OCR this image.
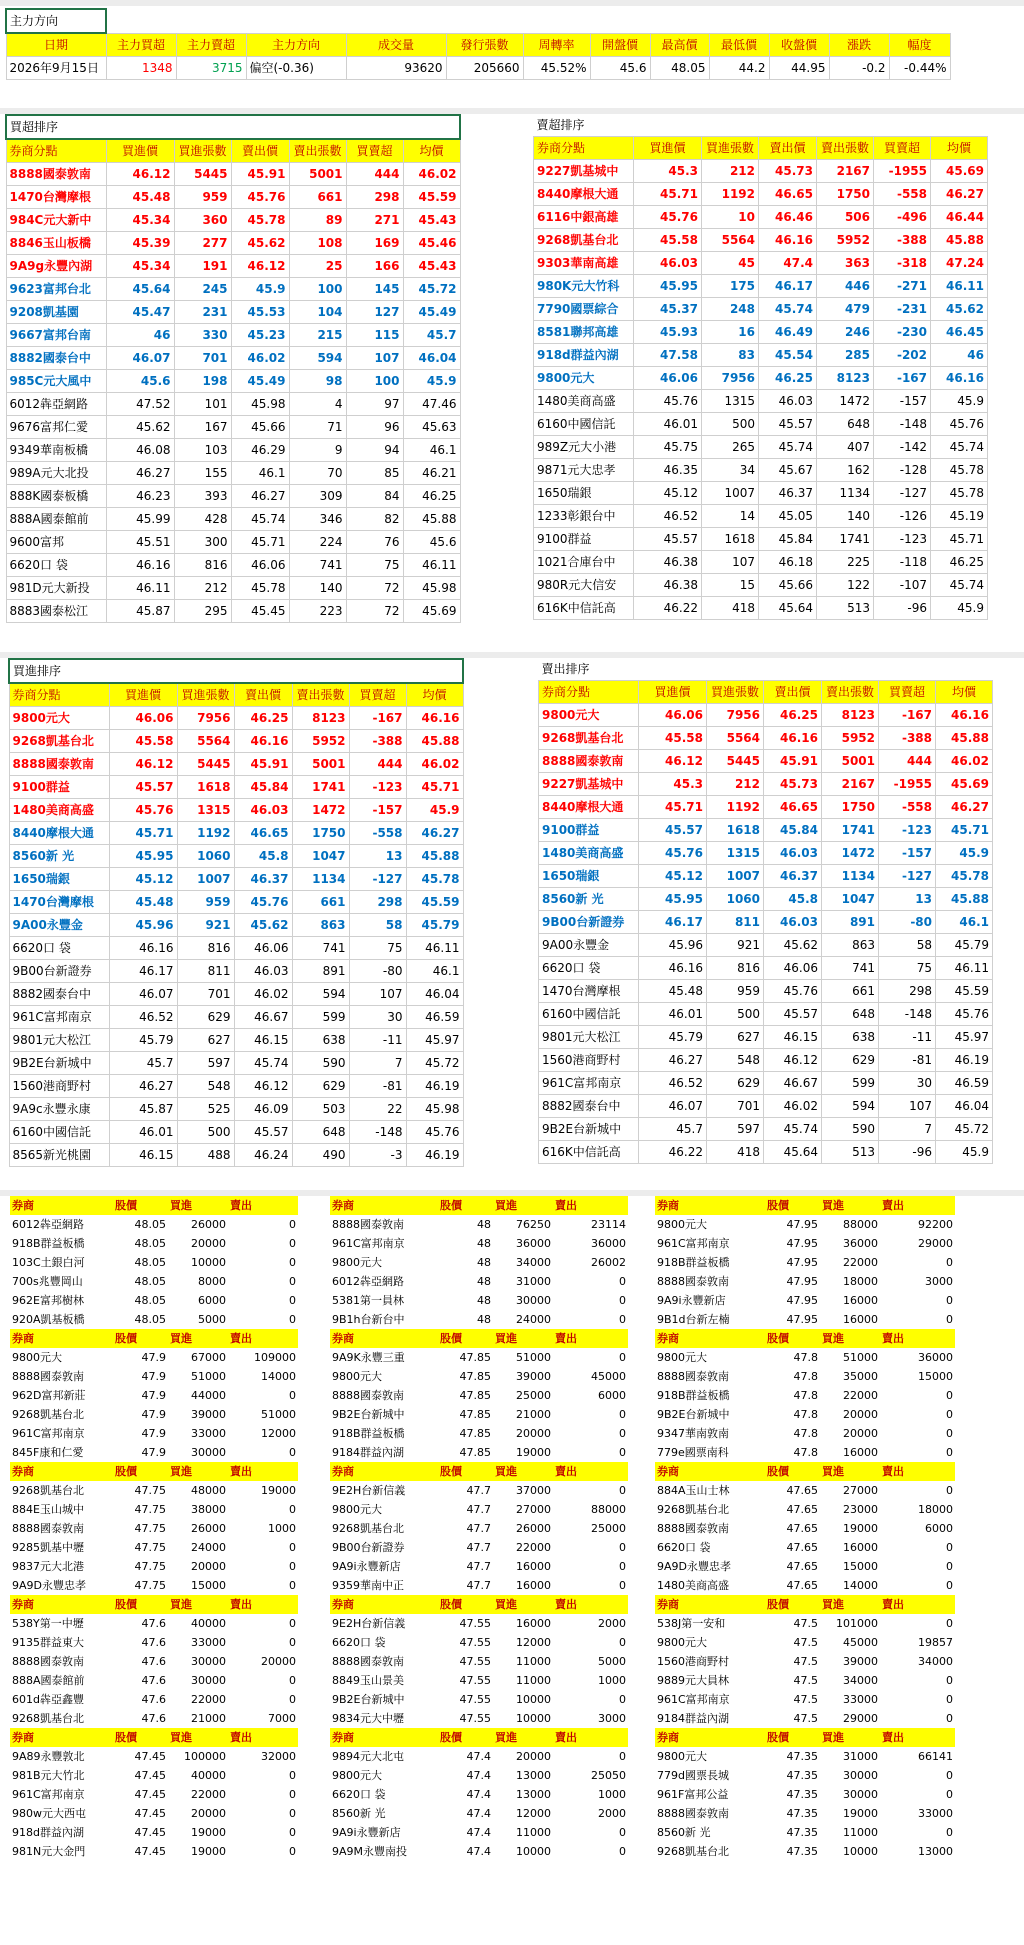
主力方向												
日期	主力買超	主力賣超	主力方向	成交量	發行張數	周轉率	開盤價	最高價	最低價	收盤價	漲跌	幅度
2026年9月15日	1348	3715	偏空(-0.36)	93620	205660	45.52%	45.6	48.05	44.2	44.95	-0.2	-0.44%
買超排序						
券商分點	買進價	買進張數	賣出價	賣出張數	買賣超	均價
8888國泰敦南	46.12	5445	45.91	5001	444	46.02
1470台灣摩根	45.48	959	45.76	661	298	45.59
984C元大新中	45.34	360	45.78	89	271	45.43
8846玉山板橋	45.39	277	45.62	108	169	45.46
9A9g永豐內湖	45.34	191	46.12	25	166	45.43
9623富邦台北	45.64	245	45.9	100	145	45.72
9208凱基園	45.47	231	45.53	104	127	45.49
9667富邦台南	46	330	45.23	215	115	45.7
8882國泰台中	46.07	701	46.02	594	107	46.04
985C元大風中	45.6	198	45.49	98	100	45.9
6012犇亞網路	47.52	101	45.98	4	97	47.46
9676富邦仁愛	45.62	167	45.66	71	96	45.63
9349華南板橋	46.08	103	46.29	9	94	46.1
989A元大北投	46.27	155	46.1	70	85	46.21
888K國泰板橋	46.23	393	46.27	309	84	46.25
888A國泰館前	45.99	428	45.74	346	82	45.88
9600富邦	45.51	300	45.71	224	76	45.6
6620口 袋	46.16	816	46.06	741	75	46.11
981D元大新投	46.11	212	45.78	140	72	45.98
8883國泰松江	45.87	295	45.45	223	72	45.69
賣超排序						
券商分點	買進價	買進張數	賣出價	賣出張數	買賣超	均價
9227凱基城中	45.3	212	45.73	2167	-1955	45.69
8440摩根大通	45.71	1192	46.65	1750	-558	46.27
6116中銀高雄	45.76	10	46.46	506	-496	46.44
9268凱基台北	45.58	5564	46.16	5952	-388	45.88
9303華南高雄	46.03	45	47.4	363	-318	47.24
980K元大竹科	45.95	175	46.17	446	-271	46.11
7790國票綜合	45.37	248	45.74	479	-231	45.62
8581聯邦高雄	45.93	16	46.49	246	-230	46.45
918d群益內湖	47.58	83	45.54	285	-202	46
9800元大	46.06	7956	46.25	8123	-167	46.16
1480美商高盛	45.76	1315	46.03	1472	-157	45.9
6160中國信託	46.01	500	45.57	648	-148	45.76
989Z元大小港	45.75	265	45.74	407	-142	45.74
9871元大忠孝	46.35	34	45.67	162	-128	45.78
1650瑞銀	45.12	1007	46.37	1134	-127	45.78
1233彰銀台中	46.52	14	45.05	140	-126	45.19
9100群益	45.57	1618	45.84	1741	-123	45.71
1021合庫台中	46.38	107	46.18	225	-118	46.25
980R元大信安	46.38	15	45.66	122	-107	45.74
616K中信託高	46.22	418	45.64	513	-96	45.9
買進排序						
券商分點	買進價	買進張數	賣出價	賣出張數	買賣超	均價
9800元大	46.06	7956	46.25	8123	-167	46.16
9268凱基台北	45.58	5564	46.16	5952	-388	45.88
8888國泰敦南	46.12	5445	45.91	5001	444	46.02
9100群益	45.57	1618	45.84	1741	-123	45.71
1480美商高盛	45.76	1315	46.03	1472	-157	45.9
8440摩根大通	45.71	1192	46.65	1750	-558	46.27
8560新 光	45.95	1060	45.8	1047	13	45.88
1650瑞銀	45.12	1007	46.37	1134	-127	45.78
1470台灣摩根	45.48	959	45.76	661	298	45.59
9A00永豐金	45.96	921	45.62	863	58	45.79
6620口 袋	46.16	816	46.06	741	75	46.11
9B00台新證券	46.17	811	46.03	891	-80	46.1
8882國泰台中	46.07	701	46.02	594	107	46.04
961C富邦南京	46.52	629	46.67	599	30	46.59
9801元大松江	45.79	627	46.15	638	-11	45.97
9B2E台新城中	45.7	597	45.74	590	7	45.72
1560港商野村	46.27	548	46.12	629	-81	46.19
9A9c永豐永康	45.87	525	46.09	503	22	45.98
6160中國信託	46.01	500	45.57	648	-148	45.76
8565新光桃園	46.15	488	46.24	490	-3	46.19
賣出排序						
券商分點	買進價	買進張數	賣出價	賣出張數	買賣超	均價
9800元大	46.06	7956	46.25	8123	-167	46.16
9268凱基台北	45.58	5564	46.16	5952	-388	45.88
8888國泰敦南	46.12	5445	45.91	5001	444	46.02
9227凱基城中	45.3	212	45.73	2167	-1955	45.69
8440摩根大通	45.71	1192	46.65	1750	-558	46.27
9100群益	45.57	1618	45.84	1741	-123	45.71
1480美商高盛	45.76	1315	46.03	1472	-157	45.9
1650瑞銀	45.12	1007	46.37	1134	-127	45.78
8560新 光	45.95	1060	45.8	1047	13	45.88
9B00台新證券	46.17	811	46.03	891	-80	46.1
9A00永豐金	45.96	921	45.62	863	58	45.79
6620口 袋	46.16	816	46.06	741	75	46.11
1470台灣摩根	45.48	959	45.76	661	298	45.59
6160中國信託	46.01	500	45.57	648	-148	45.76
9801元大松江	45.79	627	46.15	638	-11	45.97
1560港商野村	46.27	548	46.12	629	-81	46.19
961C富邦南京	46.52	629	46.67	599	30	46.59
8882國泰台中	46.07	701	46.02	594	107	46.04
9B2E台新城中	45.7	597	45.74	590	7	45.72
616K中信託高	46.22	418	45.64	513	-96	45.9
券商	股價	買進	賣出
6012犇亞網路	48.05	26000	0
918B群益板橋	48.05	20000	0
103C土銀白河	48.05	10000	0
700s兆豐岡山	48.05	8000	0
962E富邦樹林	48.05	6000	0
920A凱基板橋	48.05	5000	0
券商	股價	買進	賣出
9800元大	47.9	67000	109000
8888國泰敦南	47.9	51000	14000
962D富邦新莊	47.9	44000	0
9268凱基台北	47.9	39000	51000
961C富邦南京	47.9	33000	12000
845F康和仁愛	47.9	30000	0
券商	股價	買進	賣出
9268凱基台北	47.75	48000	19000
884E玉山城中	47.75	38000	0
8888國泰敦南	47.75	26000	1000
9285凱基中壢	47.75	24000	0
9837元大北港	47.75	20000	0
9A9D永豐忠孝	47.75	15000	0
券商	股價	買進	賣出
538Y第一中壢	47.6	40000	0
9135群益東大	47.6	33000	0
8888國泰敦南	47.6	30000	20000
888A國泰館前	47.6	30000	0
601d犇亞鑫豐	47.6	22000	0
9268凱基台北	47.6	21000	7000
券商	股價	買進	賣出
9A89永豐敦北	47.45	100000	32000
981B元大竹北	47.45	40000	0
961C富邦南京	47.45	22000	0
980w元大西屯	47.45	20000	0
918d群益內湖	47.45	19000	0
981N元大金門	47.45	19000	0
券商	股價	買進	賣出
8888國泰敦南	48	76250	23114
961C富邦南京	48	36000	36000
9800元大	48	34000	26002
6012犇亞網路	48	31000	0
5381第一員林	48	30000	0
9B1h台新台中	48	24000	0
券商	股價	買進	賣出
9A9K永豐三重	47.85	51000	0
9800元大	47.85	39000	45000
8888國泰敦南	47.85	25000	6000
9B2E台新城中	47.85	21000	0
918B群益板橋	47.85	20000	0
9184群益內湖	47.85	19000	0
券商	股價	買進	賣出
9E2H台新信義	47.7	37000	0
9800元大	47.7	27000	88000
9268凱基台北	47.7	26000	25000
9B00台新證券	47.7	22000	0
9A9i永豐新店	47.7	16000	0
9359華南中正	47.7	16000	0
券商	股價	買進	賣出
9E2H台新信義	47.55	16000	2000
6620口 袋	47.55	12000	0
8888國泰敦南	47.55	11000	5000
8849玉山景美	47.55	11000	1000
9B2E台新城中	47.55	10000	0
9834元大中壢	47.55	10000	3000
券商	股價	買進	賣出
9894元大北屯	47.4	20000	0
9800元大	47.4	13000	25050
6620口 袋	47.4	13000	1000
8560新 光	47.4	12000	2000
9A9i永豐新店	47.4	11000	0
9A9M永豐南投	47.4	10000	0
券商	股價	買進	賣出
9800元大	47.95	88000	92200
961C富邦南京	47.95	36000	29000
918B群益板橋	47.95	22000	0
8888國泰敦南	47.95	18000	3000
9A9i永豐新店	47.95	16000	0
9B1d台新左楠	47.95	16000	0
券商	股價	買進	賣出
9800元大	47.8	51000	36000
8888國泰敦南	47.8	35000	15000
918B群益板橋	47.8	22000	0
9B2E台新城中	47.8	20000	0
9347華南敦南	47.8	20000	0
779e國票南科	47.8	16000	0
券商	股價	買進	賣出
884A玉山士林	47.65	27000	0
9268凱基台北	47.65	23000	18000
8888國泰敦南	47.65	19000	6000
6620口 袋	47.65	16000	0
9A9D永豐忠孝	47.65	15000	0
1480美商高盛	47.65	14000	0
券商	股價	買進	賣出
538J第一安和	47.5	101000	0
9800元大	47.5	45000	19857
1560港商野村	47.5	39000	34000
9889元大員林	47.5	34000	0
961C富邦南京	47.5	33000	0
9184群益內湖	47.5	29000	0
券商	股價	買進	賣出
9800元大	47.35	31000	66141
779d國票長城	47.35	30000	0
961F富邦公益	47.35	30000	0
8888國泰敦南	47.35	19000	33000
8560新 光	47.35	11000	0
9268凱基台北	47.35	10000	13000
